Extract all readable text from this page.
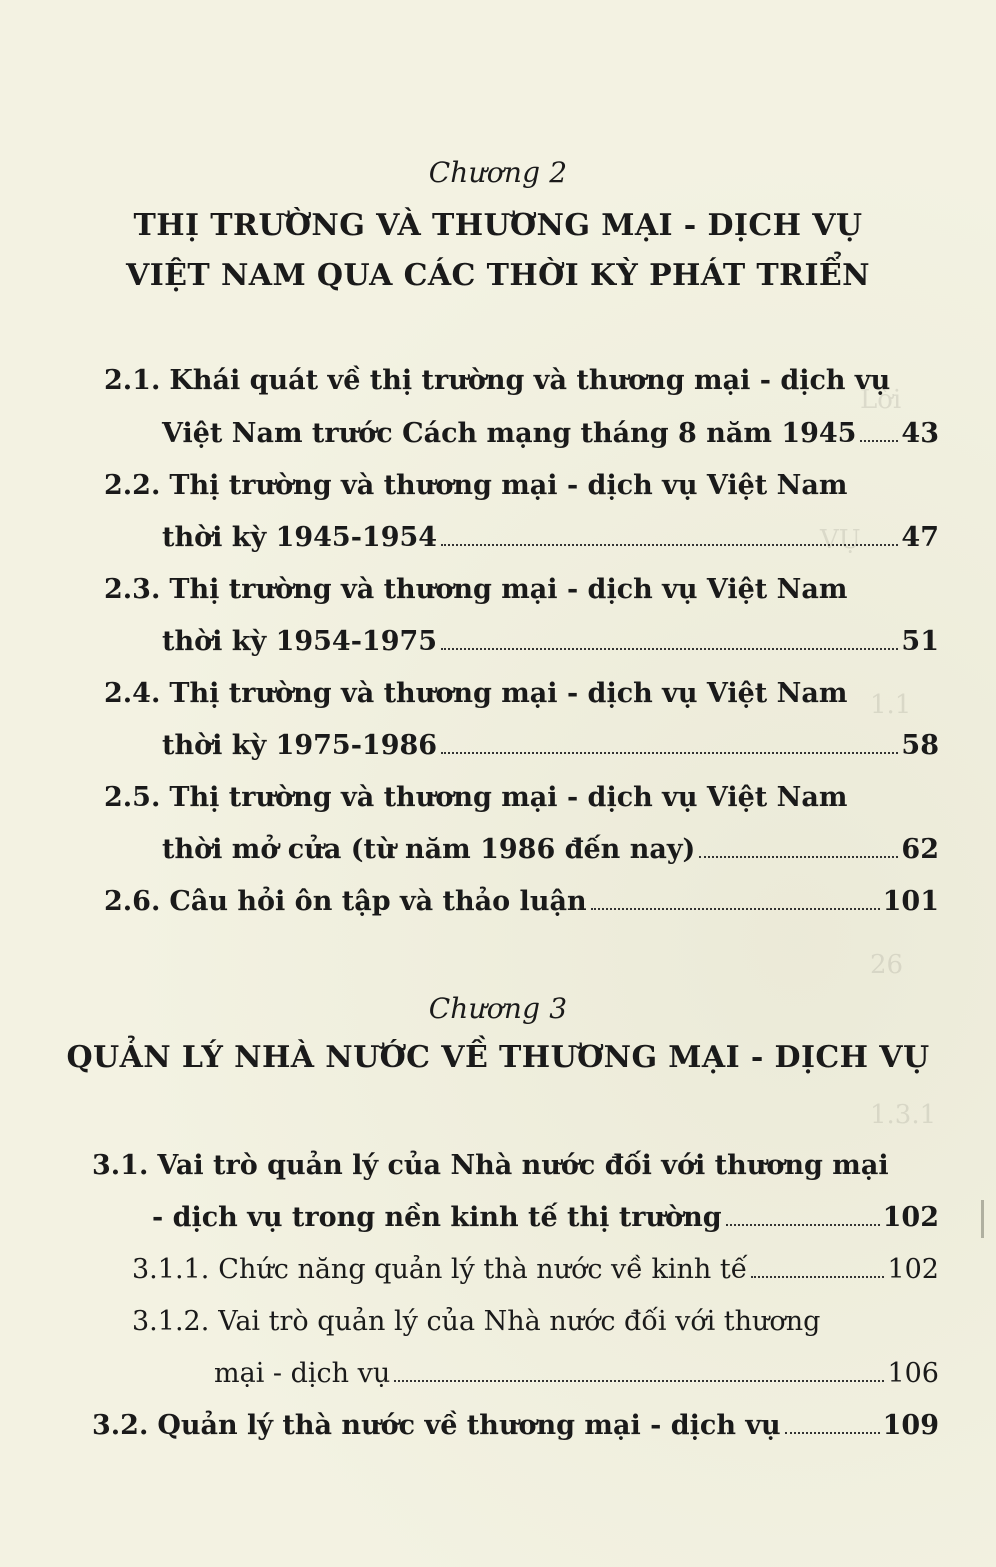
Lời
VỤ
1.1
26
1.3.1
Chương 2
THỊ TRƯỜNG VÀ THƯƠNG MẠI - DỊCH VỤ
VIỆT NAM QUA CÁC THỜI KỲ PHÁT TRIỂN
2.1. Khái quát về thị trường và thương mại - dịch vụ
Việt Nam trước Cách mạng tháng 8 năm 1945 43
2.2. Thị trường và thương mại - dịch vụ Việt Nam
thời kỳ 1945-1954	47
2.3. Thị trường và thương mại - dịch vụ Việt Nam
thời kỳ 1954-1975	51
2.4. Thị trường và thương mại - dịch vụ Việt Nam
thời kỳ 1975-1986	58
2.5. Thị trường và thương mại - dịch vụ Việt Nam
thời mở cửa (từ năm 1986 đến nay)	62
2.6. Câu hỏi ôn tập và thảo luận	101
Chương 3
QUẢN LÝ NHÀ NƯỚC VỀ THƯƠNG MẠI - DỊCH VỤ
3.1. Vai trò quản lý của Nhà nước đối với thương mại
- dịch vụ trong nền kinh tế thị trường	102
3.1.1. Chức năng quản lý thà nước về kinh tế	102
3.1.2. Vai trò quản lý của Nhà nước đối với thương
mại - dịch vụ	106
3.2. Quản lý thà nước về thương mại - dịch vụ	109
